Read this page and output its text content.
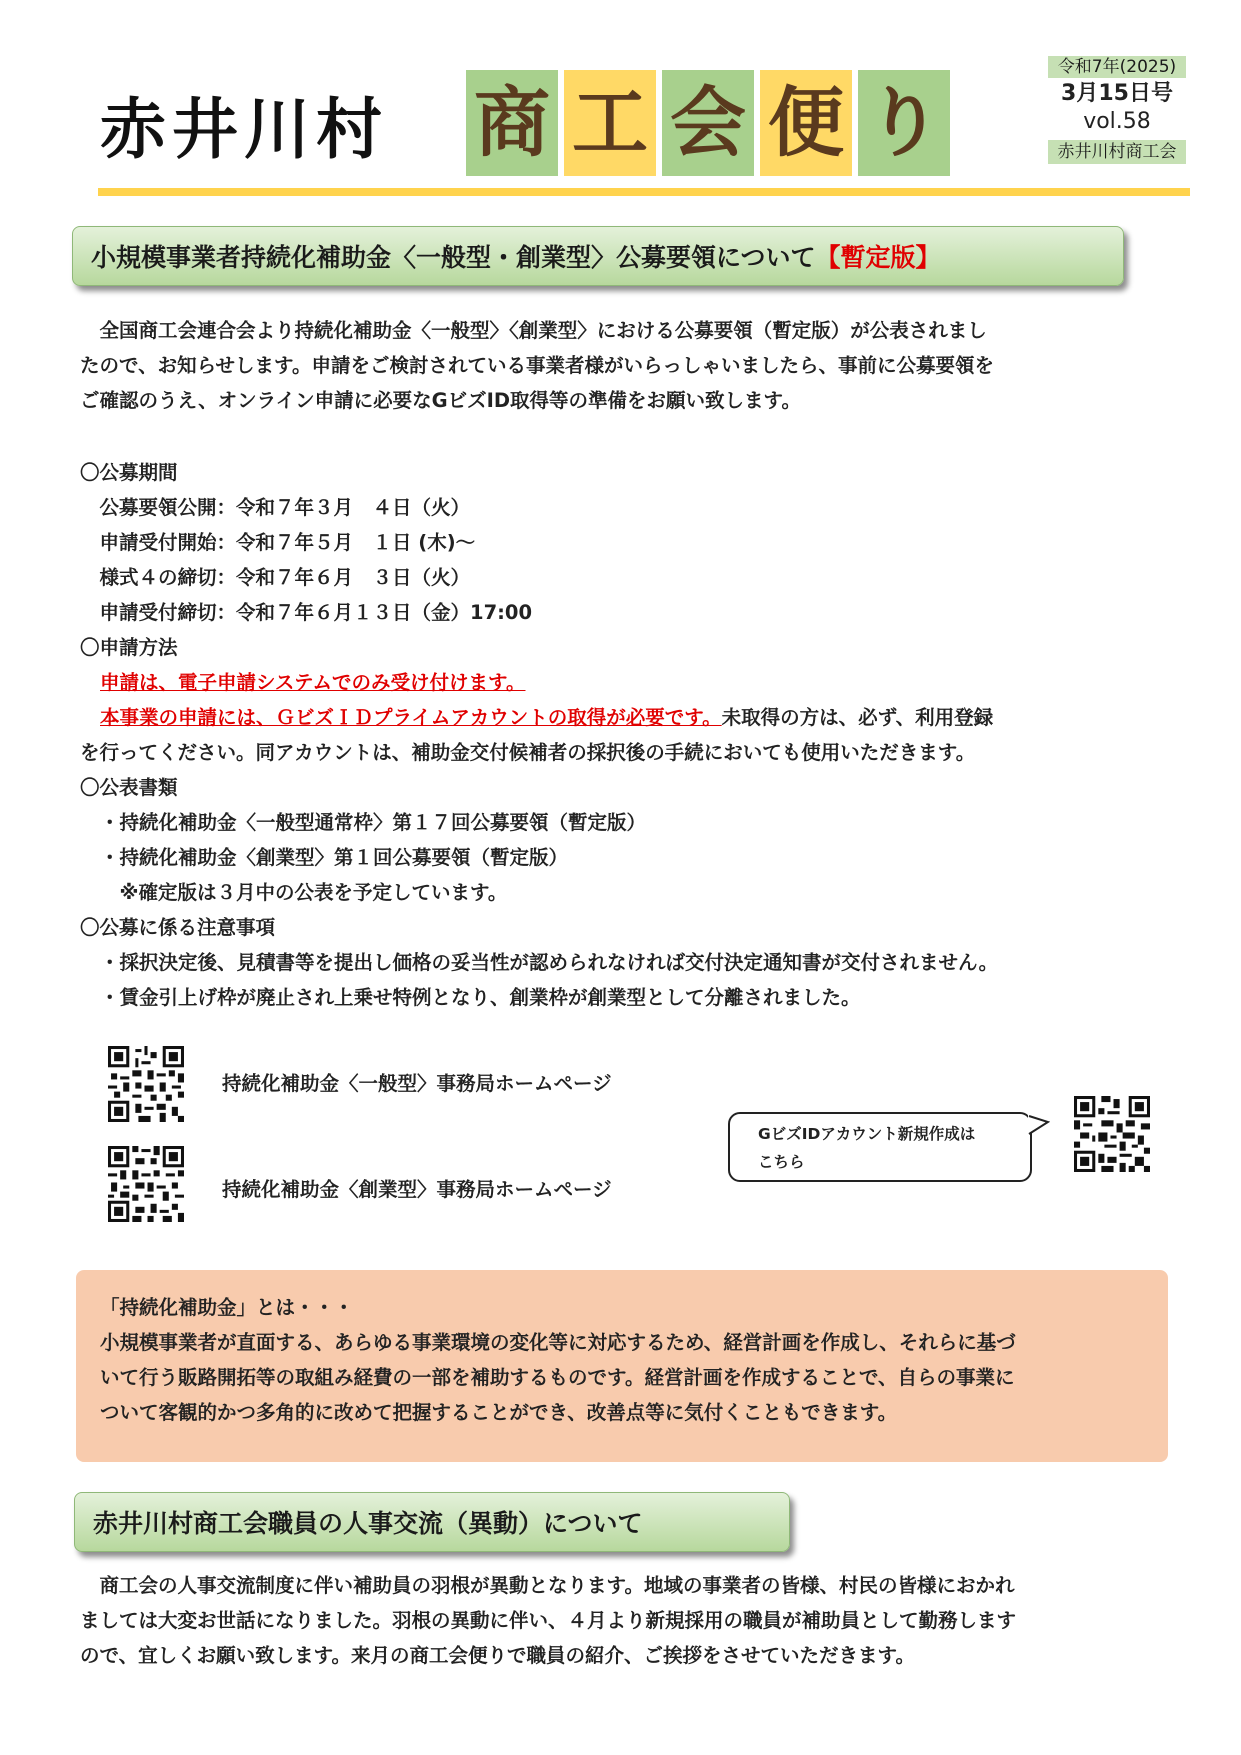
赤井川村 商 工 会 便 り
令和7年(2025)
3月15日号
vol.58
赤井川村商工会
小規模事業者持続化補助金〈一般型・創業型〉公募要領について 【暫定版】
　全国商工会連合会より持続化補助金〈一般型〉〈創業型〉における公募要領（暫定版）が公表されまし
たので、お知らせします。申請をご検討されている事業者様がいらっしゃいましたら、事前に公募要領を
ご確認のうえ、オンライン申請に必要なGビズID取得等の準備をお願い致します。
〇公募期間
　公募要領公開：令和７年３月　４日（火）
　申請受付開始：令和７年５月　１日 (木)～
　様式４の締切：令和７年６月　３日（火）
　申請受付締切：令和７年６月１３日（金）17:00
〇申請方法
申請は、電子申請システムでのみ受け付けます。
本事業の申請には、ＧビズＩＤプライムアカウントの取得が必要です。未取得の方は、必ず、利用登録
を行ってください。同アカウントは、補助金交付候補者の採択後の手続においても使用いただきます。
〇公表書類
・持続化補助金〈一般型通常枠〉第１７回公募要領（暫定版）
・持続化補助金〈創業型〉第１回公募要領（暫定版）
　※確定版は３月中の公表を予定しています。
〇公募に係る注意事項
・採択決定後、見積書等を提出し価格の妥当性が認められなければ交付決定通知書が交付されません。
・賃金引上げ枠が廃止され上乗せ特例となり、創業枠が創業型として分離されました。
持続化補助金〈一般型〉事務局ホームページ
持続化補助金〈創業型〉事務局ホームページ
GビズIDアカウント新規作成は
こちら
「持続化補助金」とは・・・
小規模事業者が直面する、あらゆる事業環境の変化等に対応するため、経営計画を作成し、それらに基づ
いて行う販路開拓等の取組み経費の一部を補助するものです。経営計画を作成することで、自らの事業に
ついて客観的かつ多角的に改めて把握することができ、改善点等に気付くこともできます。
赤井川村商工会職員の人事交流（異動）について
　商工会の人事交流制度に伴い補助員の羽根が異動となります。地域の事業者の皆様、村民の皆様におかれ
ましては大変お世話になりました。羽根の異動に伴い、４月より新規採用の職員が補助員として勤務します
ので、宜しくお願い致します。来月の商工会便りで職員の紹介、ご挨拶をさせていただきます。
